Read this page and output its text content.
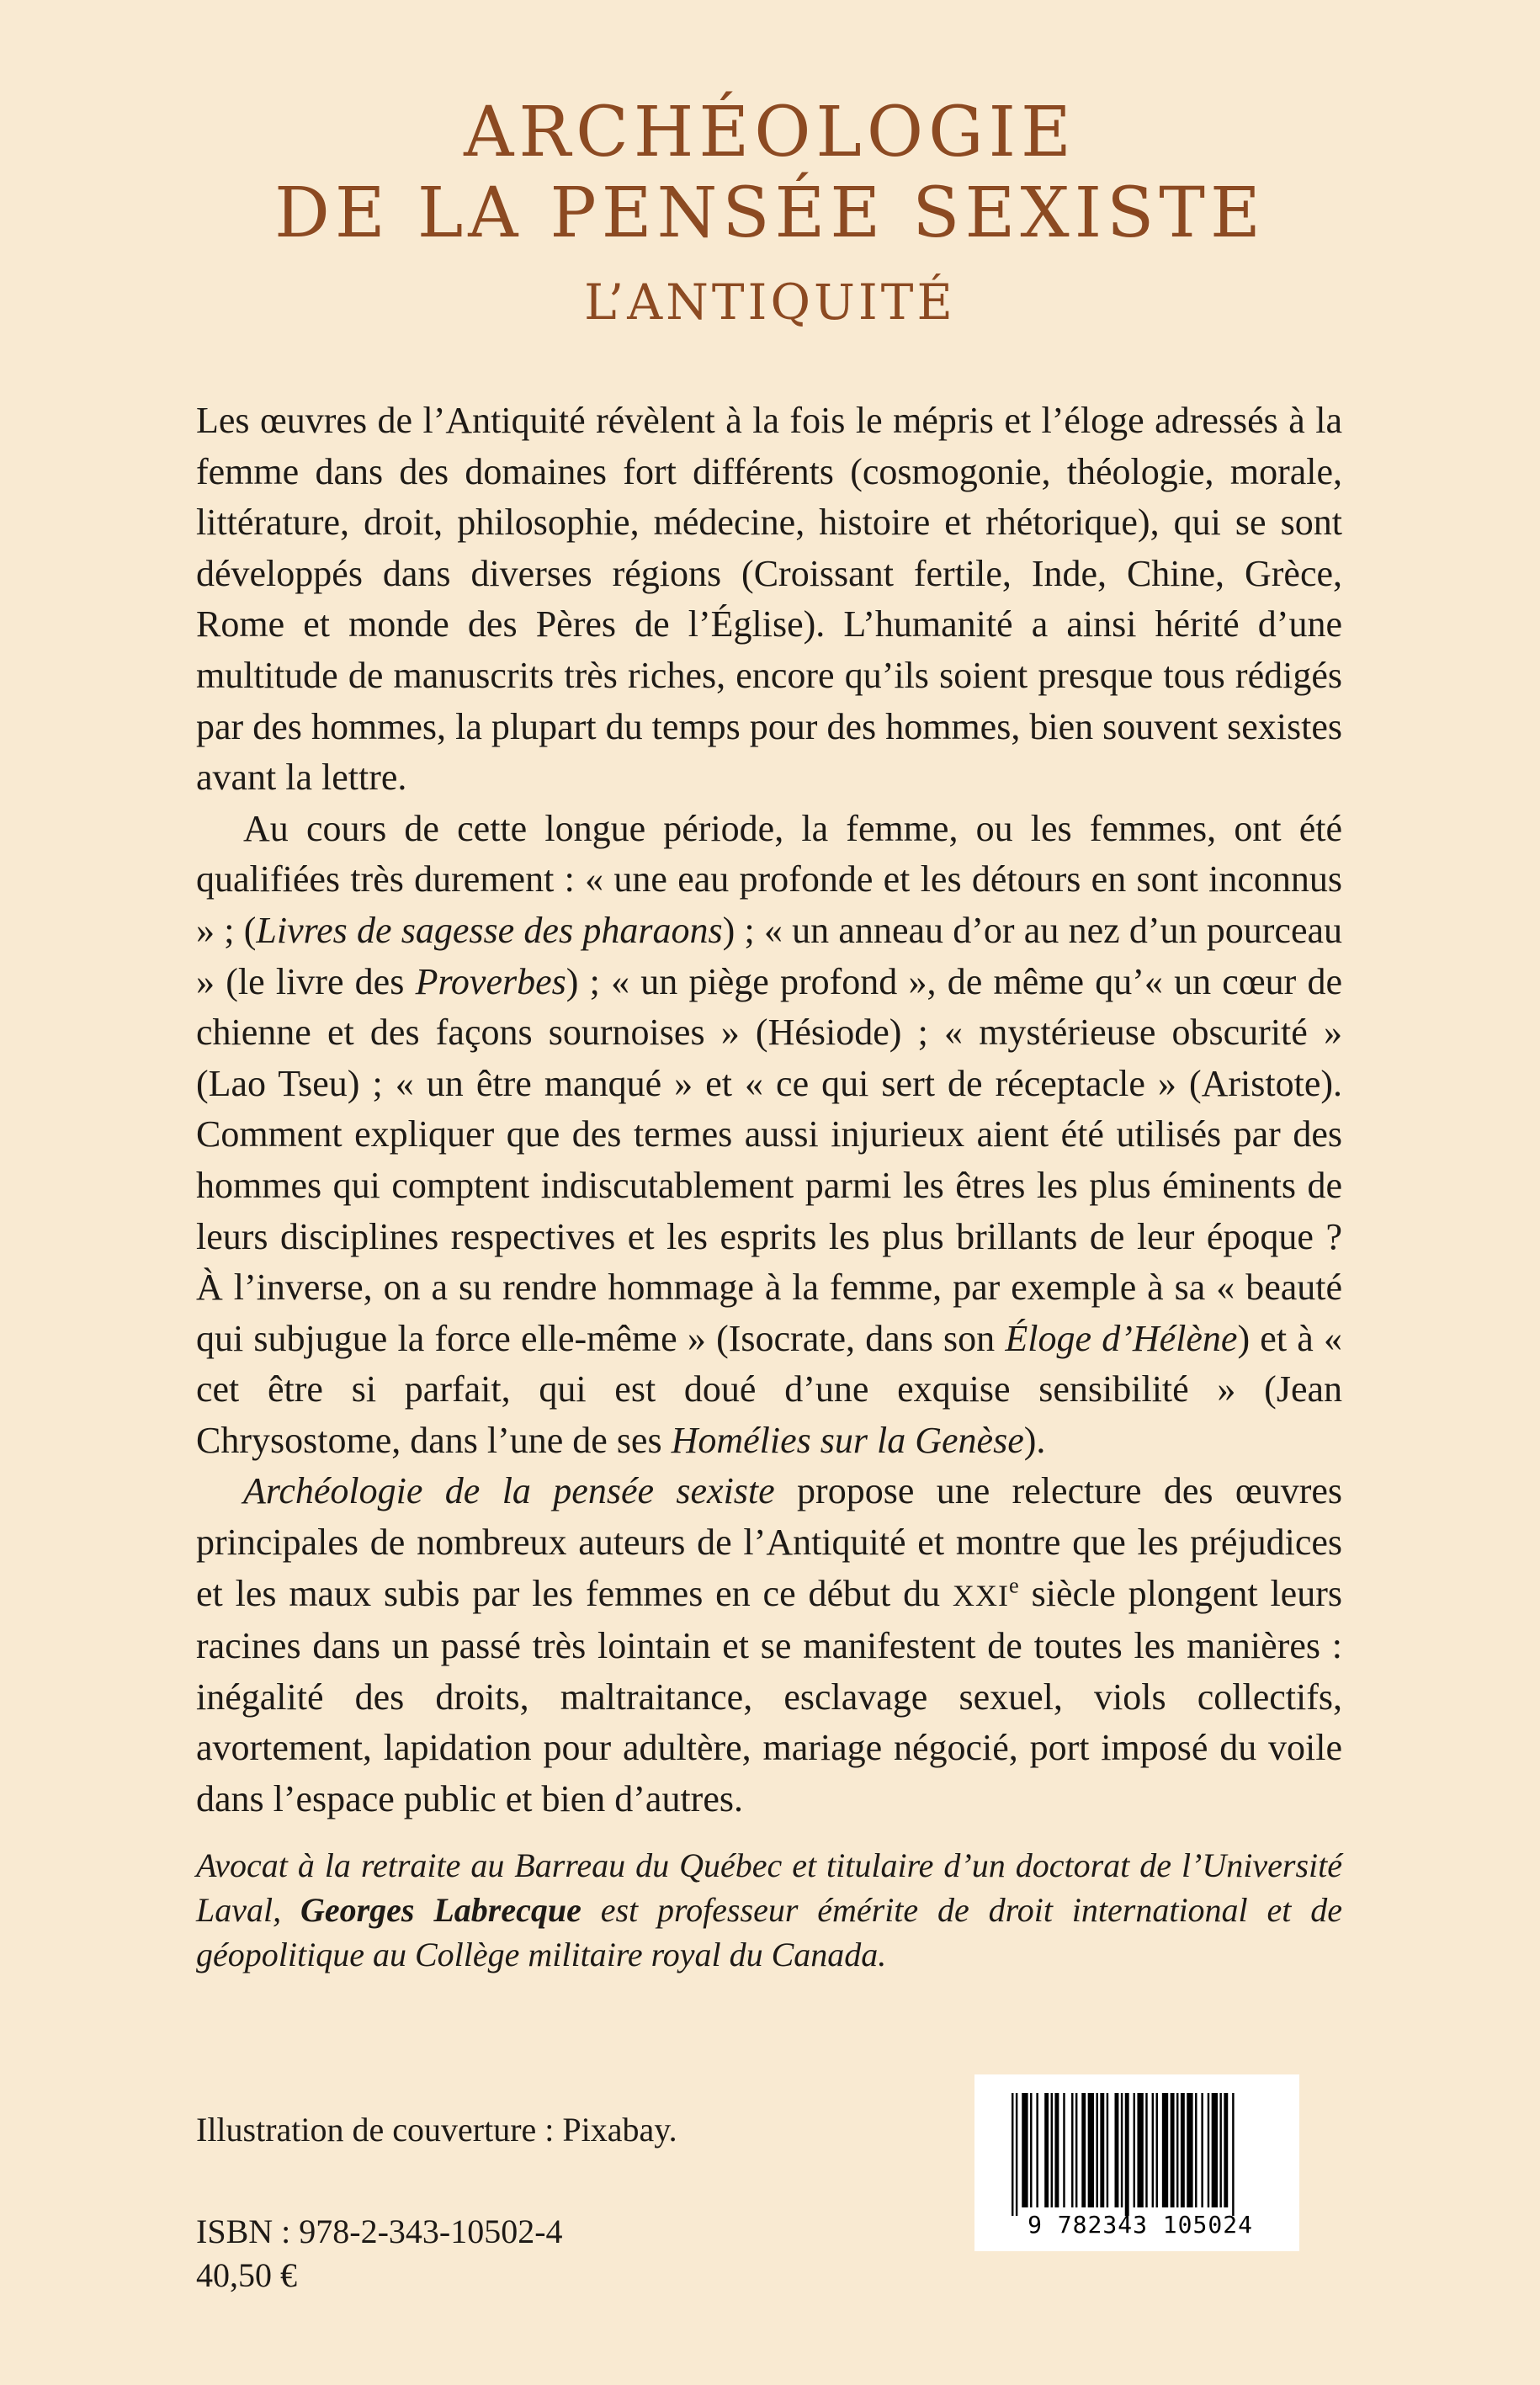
ARCHÉOLOGIE
DE LA PENSÉE SEXISTE
L’ANTIQUITÉ

Les œuvres de l’Antiquité révèlent à la fois le mépris et l’éloge adressés à la femme dans des domaines fort différents (cosmogonie, théologie, morale, littérature, droit, philosophie, médecine, histoire et rhétorique), qui se sont développés dans diverses régions (Croissant fertile, Inde, Chine, Grèce, Rome et monde des Pères de l’Église). L’humanité a ainsi hérité d’une multitude de manuscrits très riches, encore qu’ils soient presque tous rédigés par des hommes, la plupart du temps pour des hommes, bien souvent sexistes avant la lettre.

Au cours de cette longue période, la femme, ou les femmes, ont été qualifiées très durement : « une eau profonde et les détours en sont inconnus » ; (Livres de sagesse des pharaons) ; « un anneau d’or au nez d’un pourceau » (le livre des Proverbes) ; « un piège profond », de même qu’« un cœur de chienne et des façons sournoises » (Hésiode) ; « mystérieuse obscurité » (Lao Tseu) ; « un être manqué » et « ce qui sert de réceptacle » (Aristote). Comment expliquer que des termes aussi injurieux aient été utilisés par des hommes qui comptent indiscutablement parmi les êtres les plus éminents de leurs disciplines respectives et les esprits les plus brillants de leur époque ? À l’inverse, on a su rendre hommage à la femme, par exemple à sa « beauté qui subjugue la force elle-même » (Isocrate, dans son Éloge d’Hélène) et à « cet être si parfait, qui est doué d’une exquise sensibilité » (Jean Chrysostome, dans l’une de ses Homélies sur la Genèse).

Archéologie de la pensée sexiste propose une relecture des œuvres principales de nombreux auteurs de l’Antiquité et montre que les préjudices et les maux subis par les femmes en ce début du XXIe siècle plongent leurs racines dans un passé très lointain et se manifestent de toutes les manières : inégalité des droits, maltraitance, esclavage sexuel, viols collectifs, avortement, lapidation pour adultère, mariage négocié, port imposé du voile dans l’espace public et bien d’autres.

Avocat à la retraite au Barreau du Québec et titulaire d’un doctorat de l’Université Laval, Georges Labrecque est professeur émérite de droit international et de géopolitique au Collège militaire royal du Canada.
Illustration de couverture : Pixabay.
ISBN : 978-2-343-10502-4
40,50 €
9 782343 105024
